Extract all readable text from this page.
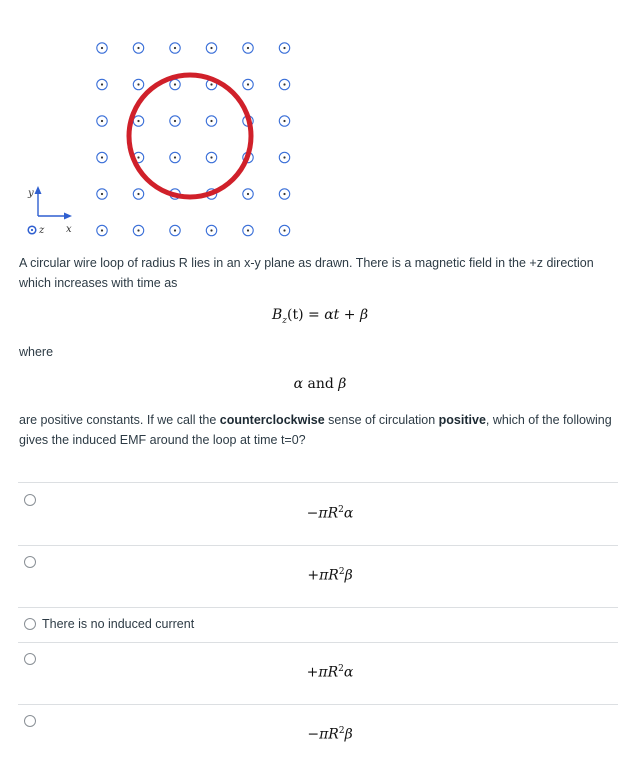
y
x
z

A circular wire loop of radius R lies in an x-y plane as drawn. There is a magnetic field in the +z direction which increases with time as

$B_z(t) = \alpha t + \beta$

where

α and β

are positive constants. If we call the counterclockwise sense of circulation positive, which of the following gives the induced EMF around the loop at time t=0?

$-\pi R^2\alpha$
$+\pi R^2\beta$
There is no induced current
$+\pi R^2\alpha$
$-\pi R^2\beta$
